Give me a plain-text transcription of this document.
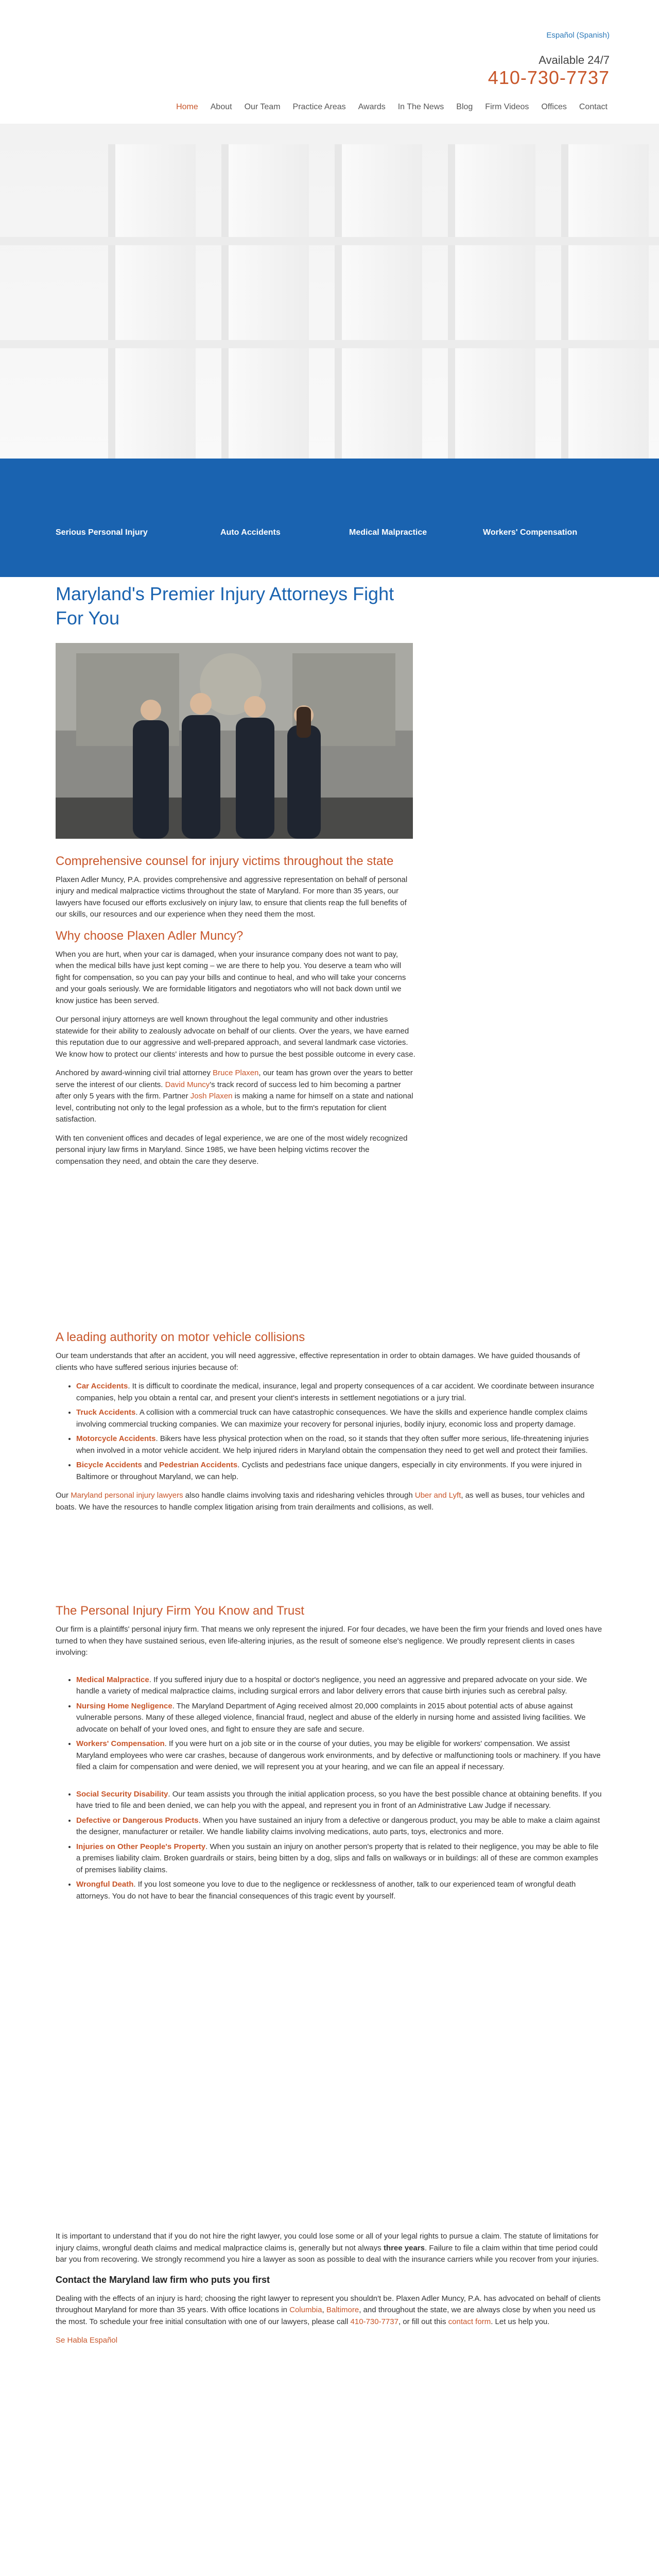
Español (Spanish)
Available 24/7
410-730-7737
Home	About	Our Team	Practice Areas	Awards	In The News	Blog	Firm Videos	Offices	Contact
Serious Personal Injury	Auto Accidents	Medical Malpractice	Workers' Compensation
Maryland's Premier Injury Attorneys Fight For You
Comprehensive counsel for injury victims throughout the state

Plaxen Adler Muncy, P.A. provides comprehensive and aggressive representation on behalf of personal injury and medical malpractice victims throughout the state of Maryland. For more than 35 years, our lawyers have focused our efforts exclusively on injury law, to ensure that clients reap the full benefits of our skills, our resources and our experience when they need them the most.

Why choose Plaxen Adler Muncy?

When you are hurt, when your car is damaged, when your insurance company does not want to pay, when the medical bills have just kept coming – we are there to help you. You deserve a team who will fight for compensation, so you can pay your bills and continue to heal, and who will take your concerns and your goals seriously. We are formidable litigators and negotiators who will not back down until we know justice has been served.

Our personal injury attorneys are well known throughout the legal community and other industries statewide for their ability to zealously advocate on behalf of our clients. Over the years, we have earned this reputation due to our aggressive and well-prepared approach, and several landmark case victories. We know how to protect our clients' interests and how to pursue the best possible outcome in every case.

Anchored by award-winning civil trial attorney Bruce Plaxen, our team has grown over the years to better serve the interest of our clients. David Muncy's track record of success led to him becoming a partner after only 5 years with the firm. Partner Josh Plaxen is making a name for himself on a state and national level, contributing not only to the legal profession as a whole, but to the firm's reputation for client satisfaction.

With ten convenient offices and decades of legal experience, we are one of the most widely recognized personal injury law firms in Maryland. Since 1985, we have been helping victims recover the compensation they need, and obtain the care they deserve.

A leading authority on motor vehicle collisions

Our team understands that after an accident, you will need aggressive, effective representation in order to obtain damages. We have guided thousands of clients who have suffered serious injuries because of:

• Car Accidents. It is difficult to coordinate the medical, insurance, legal and property consequences of a car accident. We coordinate between insurance companies, help you obtain a rental car, and present your client's interests in settlement negotiations or a jury trial.
• Truck Accidents. A collision with a commercial truck can have catastrophic consequences. We have the skills and experience handle complex claims involving commercial trucking companies. We can maximize your recovery for personal injuries, bodily injury, economic loss and property damage.
• Motorcycle Accidents. Bikers have less physical protection when on the road, so it stands that they often suffer more serious, life-threatening injuries when involved in a motor vehicle accident. We help injured riders in Maryland obtain the compensation they need to get well and protect their families.
• Bicycle Accidents and Pedestrian Accidents. Cyclists and pedestrians face unique dangers, especially in city environments. If you were injured in Baltimore or throughout Maryland, we can help.

Our Maryland personal injury lawyers also handle claims involving taxis and ridesharing vehicles through Uber and Lyft, as well as buses, tour vehicles and boats. We have the resources to handle complex litigation arising from train derailments and collisions, as well.

The Personal Injury Firm You Know and Trust

Our firm is a plaintiffs' personal injury firm. That means we only represent the injured. For four decades, we have been the firm your friends and loved ones have turned to when they have sustained serious, even life-altering injuries, as the result of someone else's negligence. We proudly represent clients in cases involving:

• Medical Malpractice. If you suffered injury due to a hospital or doctor's negligence, you need an aggressive and prepared advocate on your side. We handle a variety of medical malpractice claims, including surgical errors and labor delivery errors that cause birth injuries such as cerebral palsy.
• Nursing Home Negligence. The Maryland Department of Aging received almost 20,000 complaints in 2015 about potential acts of abuse against vulnerable persons. Many of these alleged violence, financial fraud, neglect and abuse of the elderly in nursing home and assisted living facilities. We advocate on behalf of your loved ones, and fight to ensure they are safe and secure.
• Workers' Compensation. If you were hurt on a job site or in the course of your duties, you may be eligible for workers' compensation. We assist Maryland employees who were car crashes, because of dangerous work environments, and by defective or malfunctioning tools or machinery. If you have filed a claim for compensation and were denied, we will represent you at your hearing, and we can file an appeal if necessary.
• Social Security Disability. Our team assists you through the initial application process, so you have the best possible chance at obtaining benefits. If you have tried to file and been denied, we can help you with the appeal, and represent you in front of an Administrative Law Judge if necessary.
• Defective or Dangerous Products. When you have sustained an injury from a defective or dangerous product, you may be able to make a claim against the designer, manufacturer or retailer. We handle liability claims involving medications, auto parts, toys, electronics and more.
• Injuries on Other People's Property. When you sustain an injury on another person's property that is related to their negligence, you may be able to file a premises liability claim. Broken guardrails or stairs, being bitten by a dog, slips and falls on walkways or in buildings: all of these are common examples of premises liability claims.
• Wrongful Death. If you lost someone you love to due to the negligence or recklessness of another, talk to our experienced team of wrongful death attorneys. You do not have to bear the financial consequences of this tragic event by yourself.

It is important to understand that if you do not hire the right lawyer, you could lose some or all of your legal rights to pursue a claim. The statute of limitations for injury claims, wrongful death claims and medical malpractice claims is, generally but not always three years. Failure to file a claim within that time period could bar you from recovering. We strongly recommend you hire a lawyer as soon as possible to deal with the insurance carriers while you recover from your injuries.

Contact the Maryland law firm who puts you first

Dealing with the effects of an injury is hard; choosing the right lawyer to represent you shouldn't be. Plaxen Adler Muncy, P.A. has advocated on behalf of clients throughout Maryland for more than 35 years. With office locations in Columbia, Baltimore, and throughout the state, we are always close by when you need us the most. To schedule your free initial consultation with one of our lawyers, please call 410-730-7737, or fill out this contact form. Let us help you.

Se Habla Español
